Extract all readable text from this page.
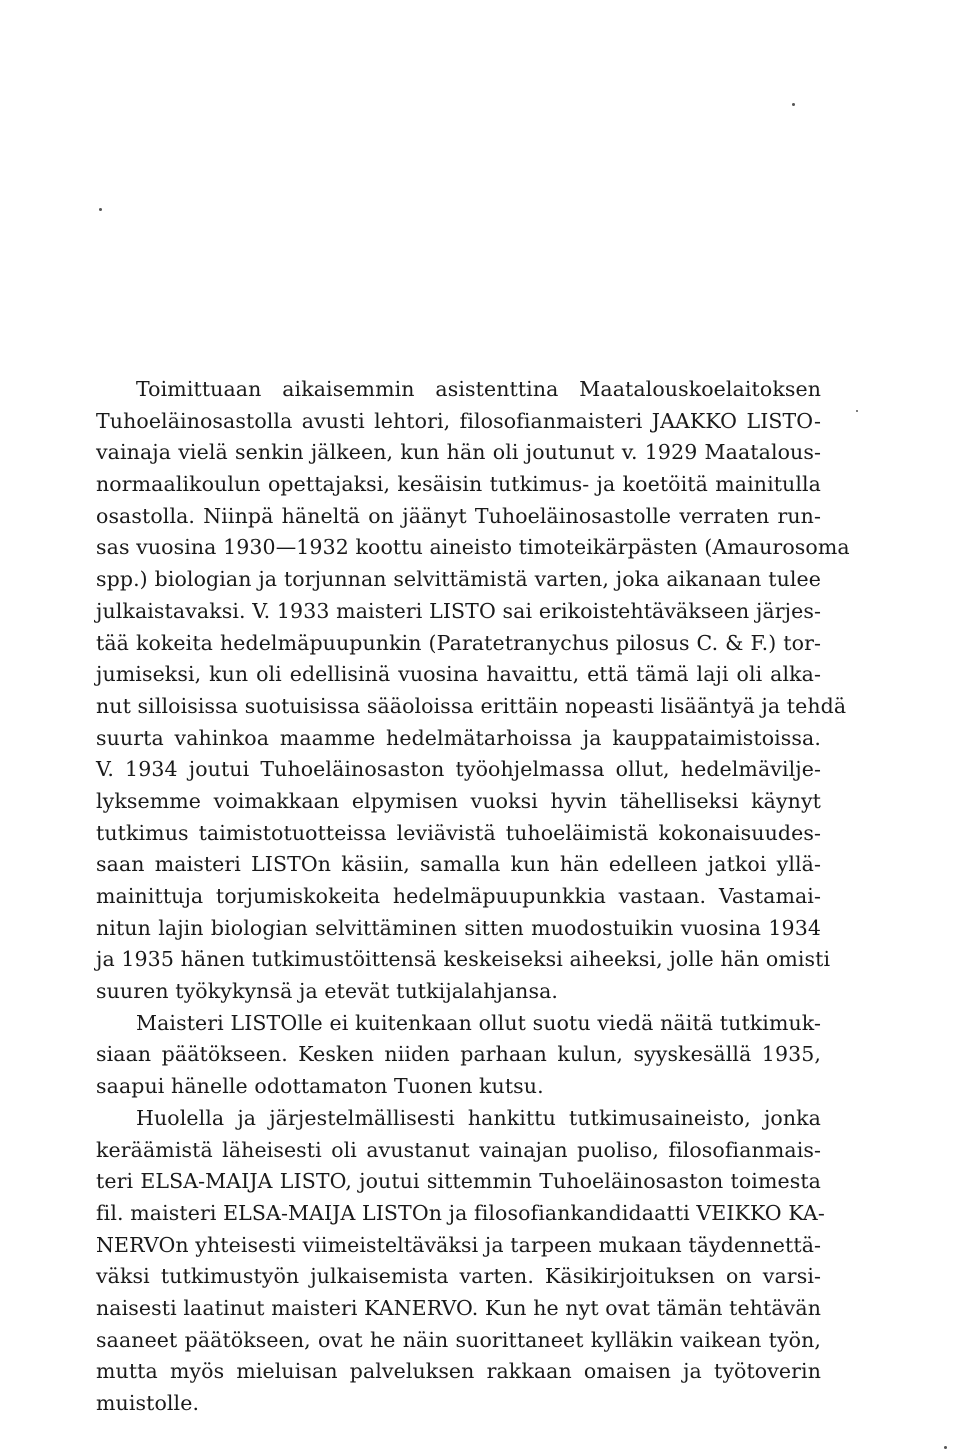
Toimittuaan aikaisemmin asistenttina Maatalouskoelaitoksen
Tuhoeläinosastolla avusti lehtori, filosofianmaisteri JAAKKO LISTO-
vainaja vielä senkin jälkeen, kun hän oli joutunut v. 1929 Maatalous-
normaalikoulun opettajaksi, kesäisin tutkimus- ja koetöitä mainitulla
osastolla. Niinpä häneltä on jäänyt Tuhoeläinosastolle verraten run-
sas vuosina 1930—1932 koottu aineisto timoteikärpästen (Amaurosoma
spp.) biologian ja torjunnan selvittämistä varten, joka aikanaan tulee
julkaistavaksi. V. 1933 maisteri LISTO sai erikoistehtäväkseen järjes-
tää kokeita hedelmäpuupunkin (Paratetranychus pilosus C. & F.) tor-
jumiseksi, kun oli edellisinä vuosina havaittu, että tämä laji oli alka-
nut silloisissa suotuisissa sääoloissa erittäin nopeasti lisääntyä ja tehdä
suurta vahinkoa maamme hedelmätarhoissa ja kauppataimistoissa.
V. 1934 joutui Tuhoeläinosaston työohjelmassa ollut, hedelmävilje-
lyksemme voimakkaan elpymisen vuoksi hyvin tähelliseksi käynyt
tutkimus taimistotuotteissa leviävistä tuhoeläimistä kokonaisuudes-
saan maisteri LISTOn käsiin, samalla kun hän edelleen jatkoi yllä-
mainittuja torjumiskokeita hedelmäpuupunkkia vastaan. Vastamai-
nitun lajin biologian selvittäminen sitten muodostuikin vuosina 1934
ja 1935 hänen tutkimustöittensä keskeiseksi aiheeksi, jolle hän omisti
suuren työkykynsä ja etevät tutkijalahjansa.
Maisteri LISTOlle ei kuitenkaan ollut suotu viedä näitä tutkimuk-
siaan päätökseen. Kesken niiden parhaan kulun, syyskesällä 1935,
saapui hänelle odottamaton Tuonen kutsu.
Huolella ja järjestelmällisesti hankittu tutkimusaineisto, jonka
keräämistä läheisesti oli avustanut vainajan puoliso, filosofianmais-
teri ELSA-MAIJA LISTO, joutui sittemmin Tuhoeläinosaston toimesta
fil. maisteri ELSA-MAIJA LISTOn ja filosofiankandidaatti VEIKKO KA-
NERVOn yhteisesti viimeisteltäväksi ja tarpeen mukaan täydennettä-
väksi tutkimustyön julkaisemista varten. Käsikirjoituksen on varsi-
naisesti laatinut maisteri KANERVO. Kun he nyt ovat tämän tehtävän
saaneet päätökseen, ovat he näin suorittaneet kylläkin vaikean työn,
mutta myös mieluisan palveluksen rakkaan omaisen ja työtoverin
muistolle.
